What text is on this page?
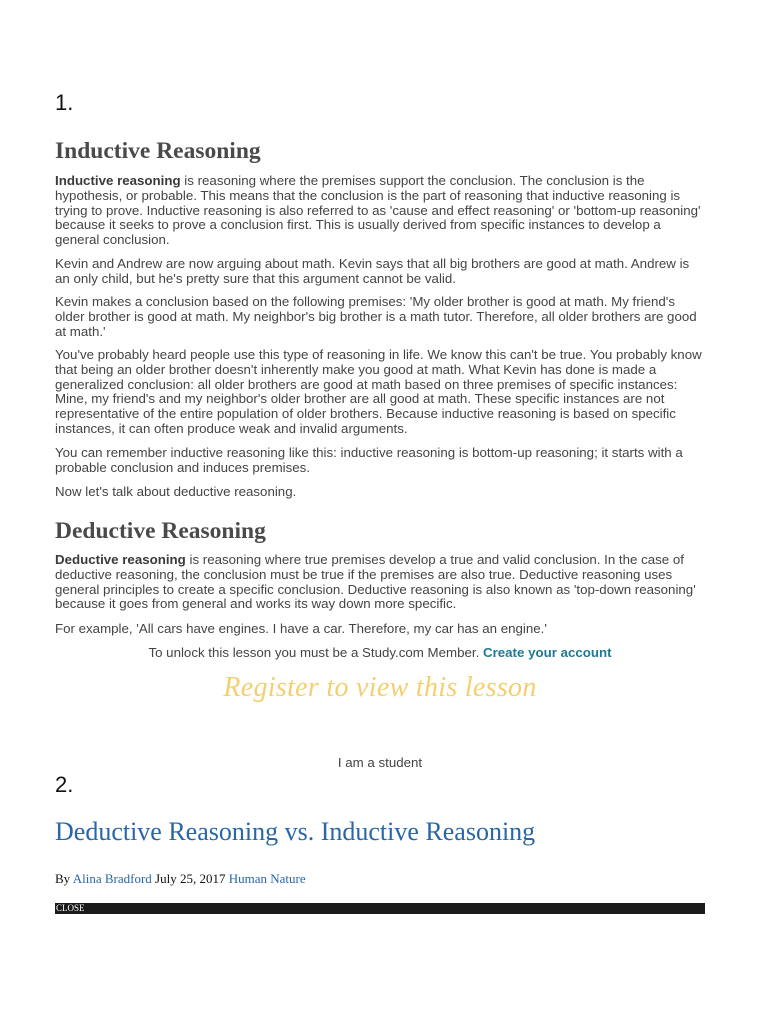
1.

Inductive Reasoning

Inductive reasoning is reasoning where the premises support the conclusion. The conclusion is the hypothesis, or probable. This means that the conclusion is the part of reasoning that inductive reasoning is trying to prove. Inductive reasoning is also referred to as 'cause and effect reasoning' or 'bottom-up reasoning' because it seeks to prove a conclusion first. This is usually derived from specific instances to develop a general conclusion.

Kevin and Andrew are now arguing about math. Kevin says that all big brothers are good at math. Andrew is an only child, but he's pretty sure that this argument cannot be valid.

Kevin makes a conclusion based on the following premises: 'My older brother is good at math. My friend's older brother is good at math. My neighbor's big brother is a math tutor. Therefore, all older brothers are good at math.'

You've probably heard people use this type of reasoning in life. We know this can't be true. You probably know that being an older brother doesn't inherently make you good at math. What Kevin has done is made a generalized conclusion: all older brothers are good at math based on three premises of specific instances: Mine, my friend's and my neighbor's older brother are all good at math. These specific instances are not representative of the entire population of older brothers. Because inductive reasoning is based on specific instances, it can often produce weak and invalid arguments.

You can remember inductive reasoning like this: inductive reasoning is bottom-up reasoning; it starts with a probable conclusion and induces premises.

Now let's talk about deductive reasoning.

Deductive Reasoning

Deductive reasoning is reasoning where true premises develop a true and valid conclusion. In the case of deductive reasoning, the conclusion must be true if the premises are also true. Deductive reasoning uses general principles to create a specific conclusion. Deductive reasoning is also known as 'top-down reasoning' because it goes from general and works its way down more specific.

For example, 'All cars have engines. I have a car. Therefore, my car has an engine.'

To unlock this lesson you must be a Study.com Member. Create your account

Register to view this lesson

I am a student

2.

Deductive Reasoning vs. Inductive Reasoning

By Alina Bradford July 25, 2017 Human Nature

CLOSE
